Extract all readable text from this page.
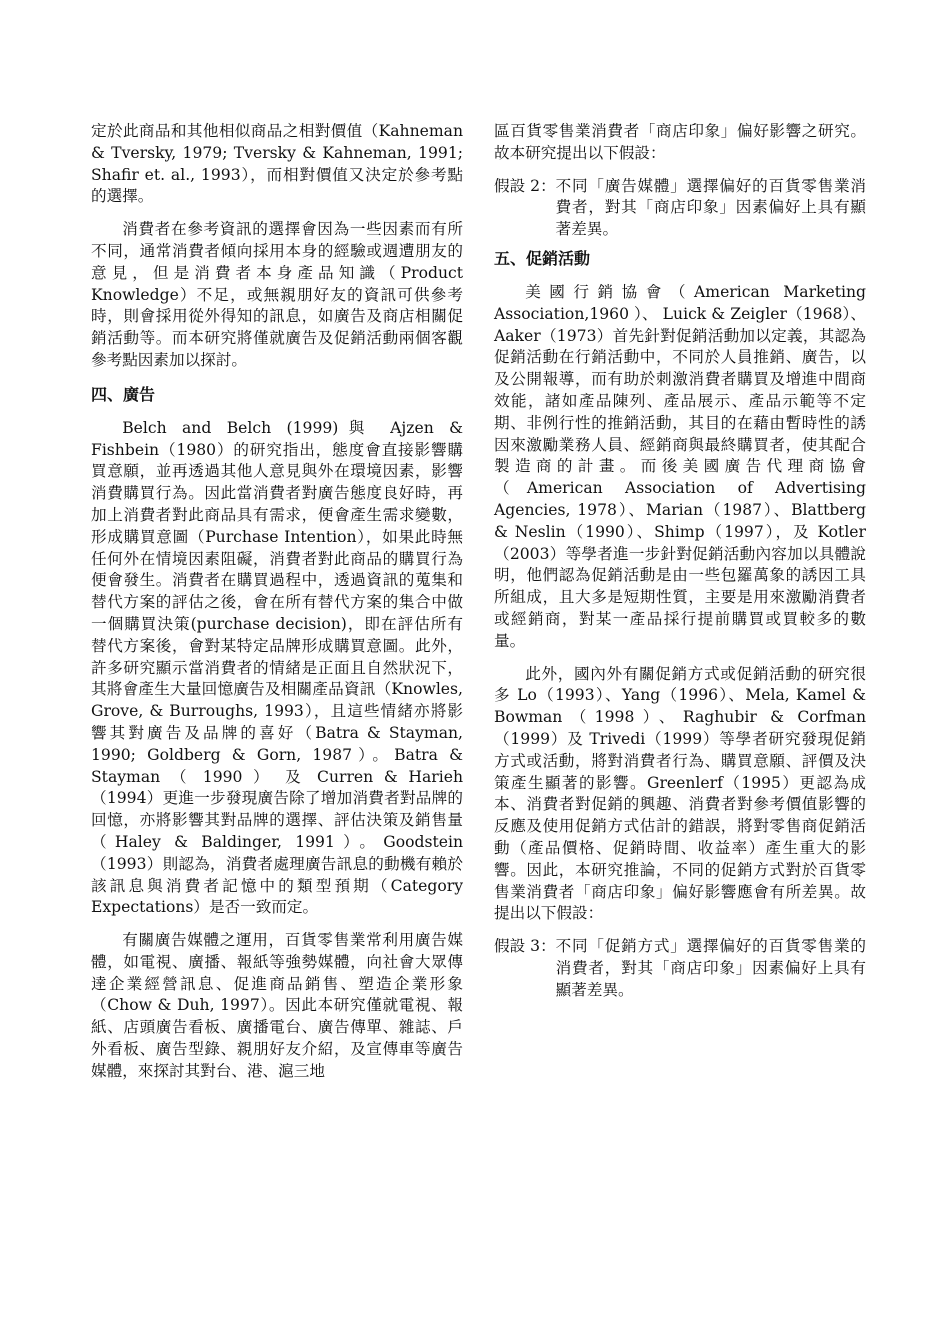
定於此商品和其他相似商品之相對價值（Kahneman & Tversky, 1979; Tversky & Kahneman, 1991; Shafir et. al., 1993），而相對價值又決定於參考點的選擇。

消費者在參考資訊的選擇會因為一些因素而有所不同，通常消費者傾向採用本身的經驗或週遭朋友的意見，但是消費者本身產品知識（Product Knowledge）不足，或無親朋好友的資訊可供參考時，則會採用從外得知的訊息，如廣告及商店相關促銷活動等。而本研究將僅就廣告及促銷活動兩個客觀參考點因素加以探討。

四、廣告

Belch and Belch (1999)與 Ajzen & Fishbein（1980）的研究指出，態度會直接影響購買意願，並再透過其他人意見與外在環境因素，影響消費購買行為。因此當消費者對廣告態度良好時，再加上消費者對此商品具有需求，便會產生需求變數，形成購買意圖（Purchase Intention），如果此時無任何外在情境因素阻礙，消費者對此商品的購買行為便會發生。消費者在購買過程中，透過資訊的蒐集和替代方案的評估之後，會在所有替代方案的集合中做一個購買決策(purchase decision)，即在評估所有替代方案後，會對某特定品牌形成購買意圖。此外，許多研究顯示當消費者的情緒是正面且自然狀況下，其將會產生大量回憶廣告及相關產品資訊（Knowles, Grove, & Burroughs, 1993），且這些情緒亦將影響其對廣告及品牌的喜好（Batra & Stayman, 1990; Goldberg & Gorn, 1987）。Batra & Stayman （ 1990 ） 及 Curren & Harieh（1994）更進一步發現廣告除了增加消費者對品牌的回憶，亦將影響其對品牌的選擇、評估決策及銷售量（Haley & Baldinger, 1991）。Goodstein（1993）則認為，消費者處理廣告訊息的動機有賴於該訊息與消費者記憶中的類型預期（Category Expectations）是否一致而定。

有關廣告媒體之運用，百貨零售業常利用廣告媒體，如電視、廣播、報紙等強勢媒體，向社會大眾傳達企業經營訊息、促進商品銷售、塑造企業形象（Chow & Duh, 1997）。因此本研究僅就電視、報紙、店頭廣告看板、廣播電台、廣告傳單、雜誌、戶外看板、廣告型錄、親朋好友介紹，及宣傳車等廣告媒體，來探討其對台、港、滬三地

區百貨零售業消費者「商店印象」偏好影響之研究。故本研究提出以下假設：

假設 2： 不同「廣告媒體」選擇偏好的百貨零售業消費者，對其「商店印象」因素偏好上具有顯著差異。
五、促銷活動

美國行銷協會（American Marketing Association,1960 ）、 Luick & Zeigler（1968）、Aaker（1973）首先針對促銷活動加以定義，其認為促銷活動在行銷活動中，不同於人員推銷、廣告，以及公開報導，而有助於刺激消費者購買及增進中間商效能，諸如產品陳列、產品展示、產品示範等不定期、非例行性的推銷活動，其目的在藉由暫時性的誘因來激勵業務人員、經銷商與最終購買者，使其配合製造商的計畫。而後美國廣告代理商協會（American Association of Advertising Agencies, 1978）、Marian（1987）、Blattberg & Neslin（1990）、Shimp（1997），及 Kotler（2003）等學者進一步針對促銷活動內容加以具體說明，他們認為促銷活動是由一些包羅萬象的誘因工具所組成，且大多是短期性質，主要是用來激勵消費者或經銷商，對某一產品採行提前購買或買較多的數量。

此外，國內外有關促銷方式或促銷活動的研究很多 Lo（1993）、Yang（1996）、Mela, Kamel & Bowman（1998）、Raghubir & Corfman（1999）及 Trivedi（1999）等學者研究發現促銷方式或活動，將對消費者行為、購買意願、評價及決策產生顯著的影響。Greenlerf（1995）更認為成本、消費者對促銷的興趣、消費者對參考價值影響的反應及使用促銷方式估計的錯誤，將對零售商促銷活動（產品價格、促銷時間、收益率）產生重大的影響。因此，本研究推論，不同的促銷方式對於百貨零售業消費者「商店印象」偏好影響應會有所差異。故提出以下假設：

假設 3： 不同「促銷方式」選擇偏好的百貨零售業的消費者，對其「商店印象」因素偏好上具有顯著差異。
